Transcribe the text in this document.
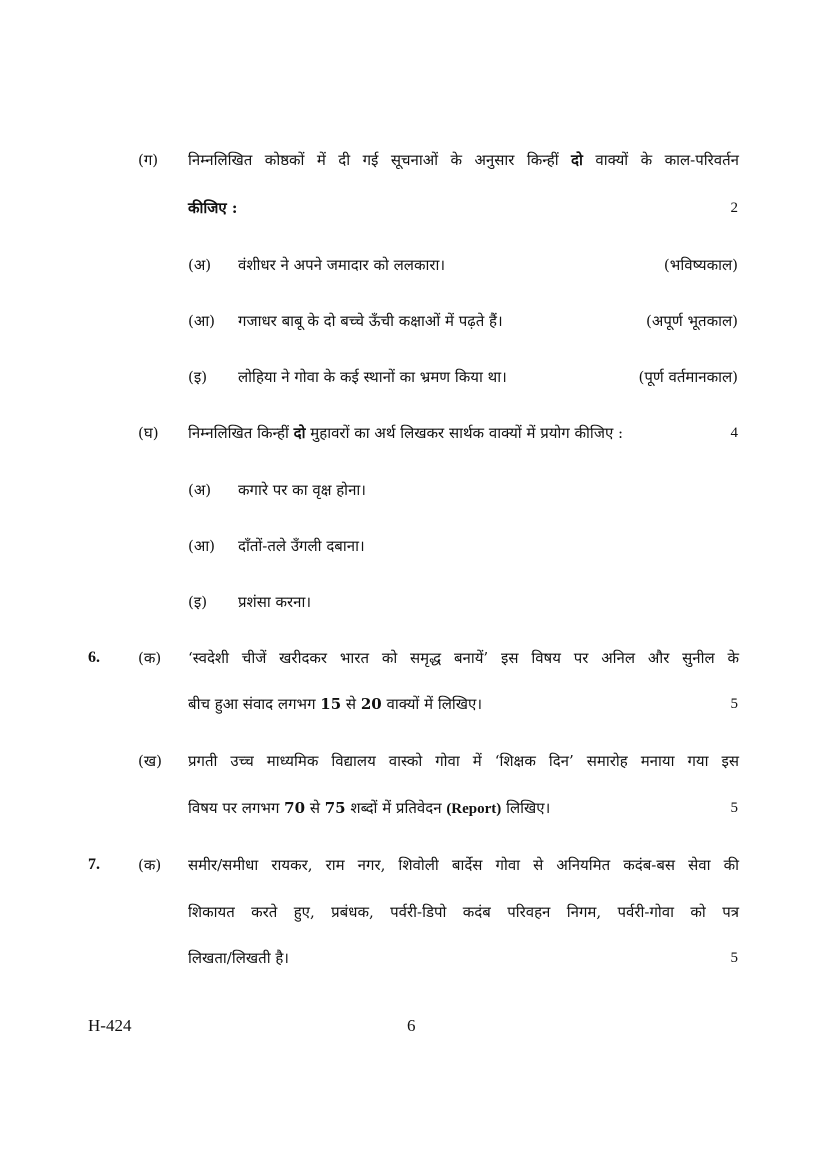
(ग) निम्नलिखित कोष्ठकों में दी गई सूचनाओं के अनुसार किन्हीं दो वाक्यों के काल-परिवर्तन
कीजिए :	2
(अ) वंशीधर ने अपने जमादार को ललकारा।	(भविष्यकाल)
(आ) गजाधर बाबू के दो बच्चे ऊँची कक्षाओं में पढ़ते हैं।	(अपूर्ण भूतकाल)
(इ) लोहिया ने गोवा के कई स्थानों का भ्रमण किया था।	(पूर्ण वर्तमानकाल)
(घ) निम्नलिखित किन्हीं दो मुहावरों का अर्थ लिखकर सार्थक वाक्यों में प्रयोग कीजिए :	4
(अ) कगारे पर का वृक्ष होना।
(आ) दाँतों-तले उँगली दबाना।
(इ) प्रशंसा करना।
6.	(क) ‘स्वदेशी चीजें खरीदकर भारत को समृद्ध बनायें’ इस विषय पर अनिल और सुनील के
बीच हुआ संवाद लगभग 15 से 20 वाक्यों में लिखिए।	5
(ख) प्रगती उच्च माध्यमिक विद्यालय वास्को गोवा में ‘शिक्षक दिन’ समारोह मनाया गया इस
विषय पर लगभग 70 से 75 शब्दों में प्रतिवेदन (Report) लिखिए।	5
7.	(क) समीर/समीधा रायकर, राम नगर, शिवोली बार्देस गोवा से अनियमित कदंब-बस सेवा की
शिकायत करते हुए, प्रबंधक, पर्वरी-डिपो कदंब परिवहन निगम, पर्वरी-गोवा को पत्र
लिखता/लिखती है।	5
H-424	6
